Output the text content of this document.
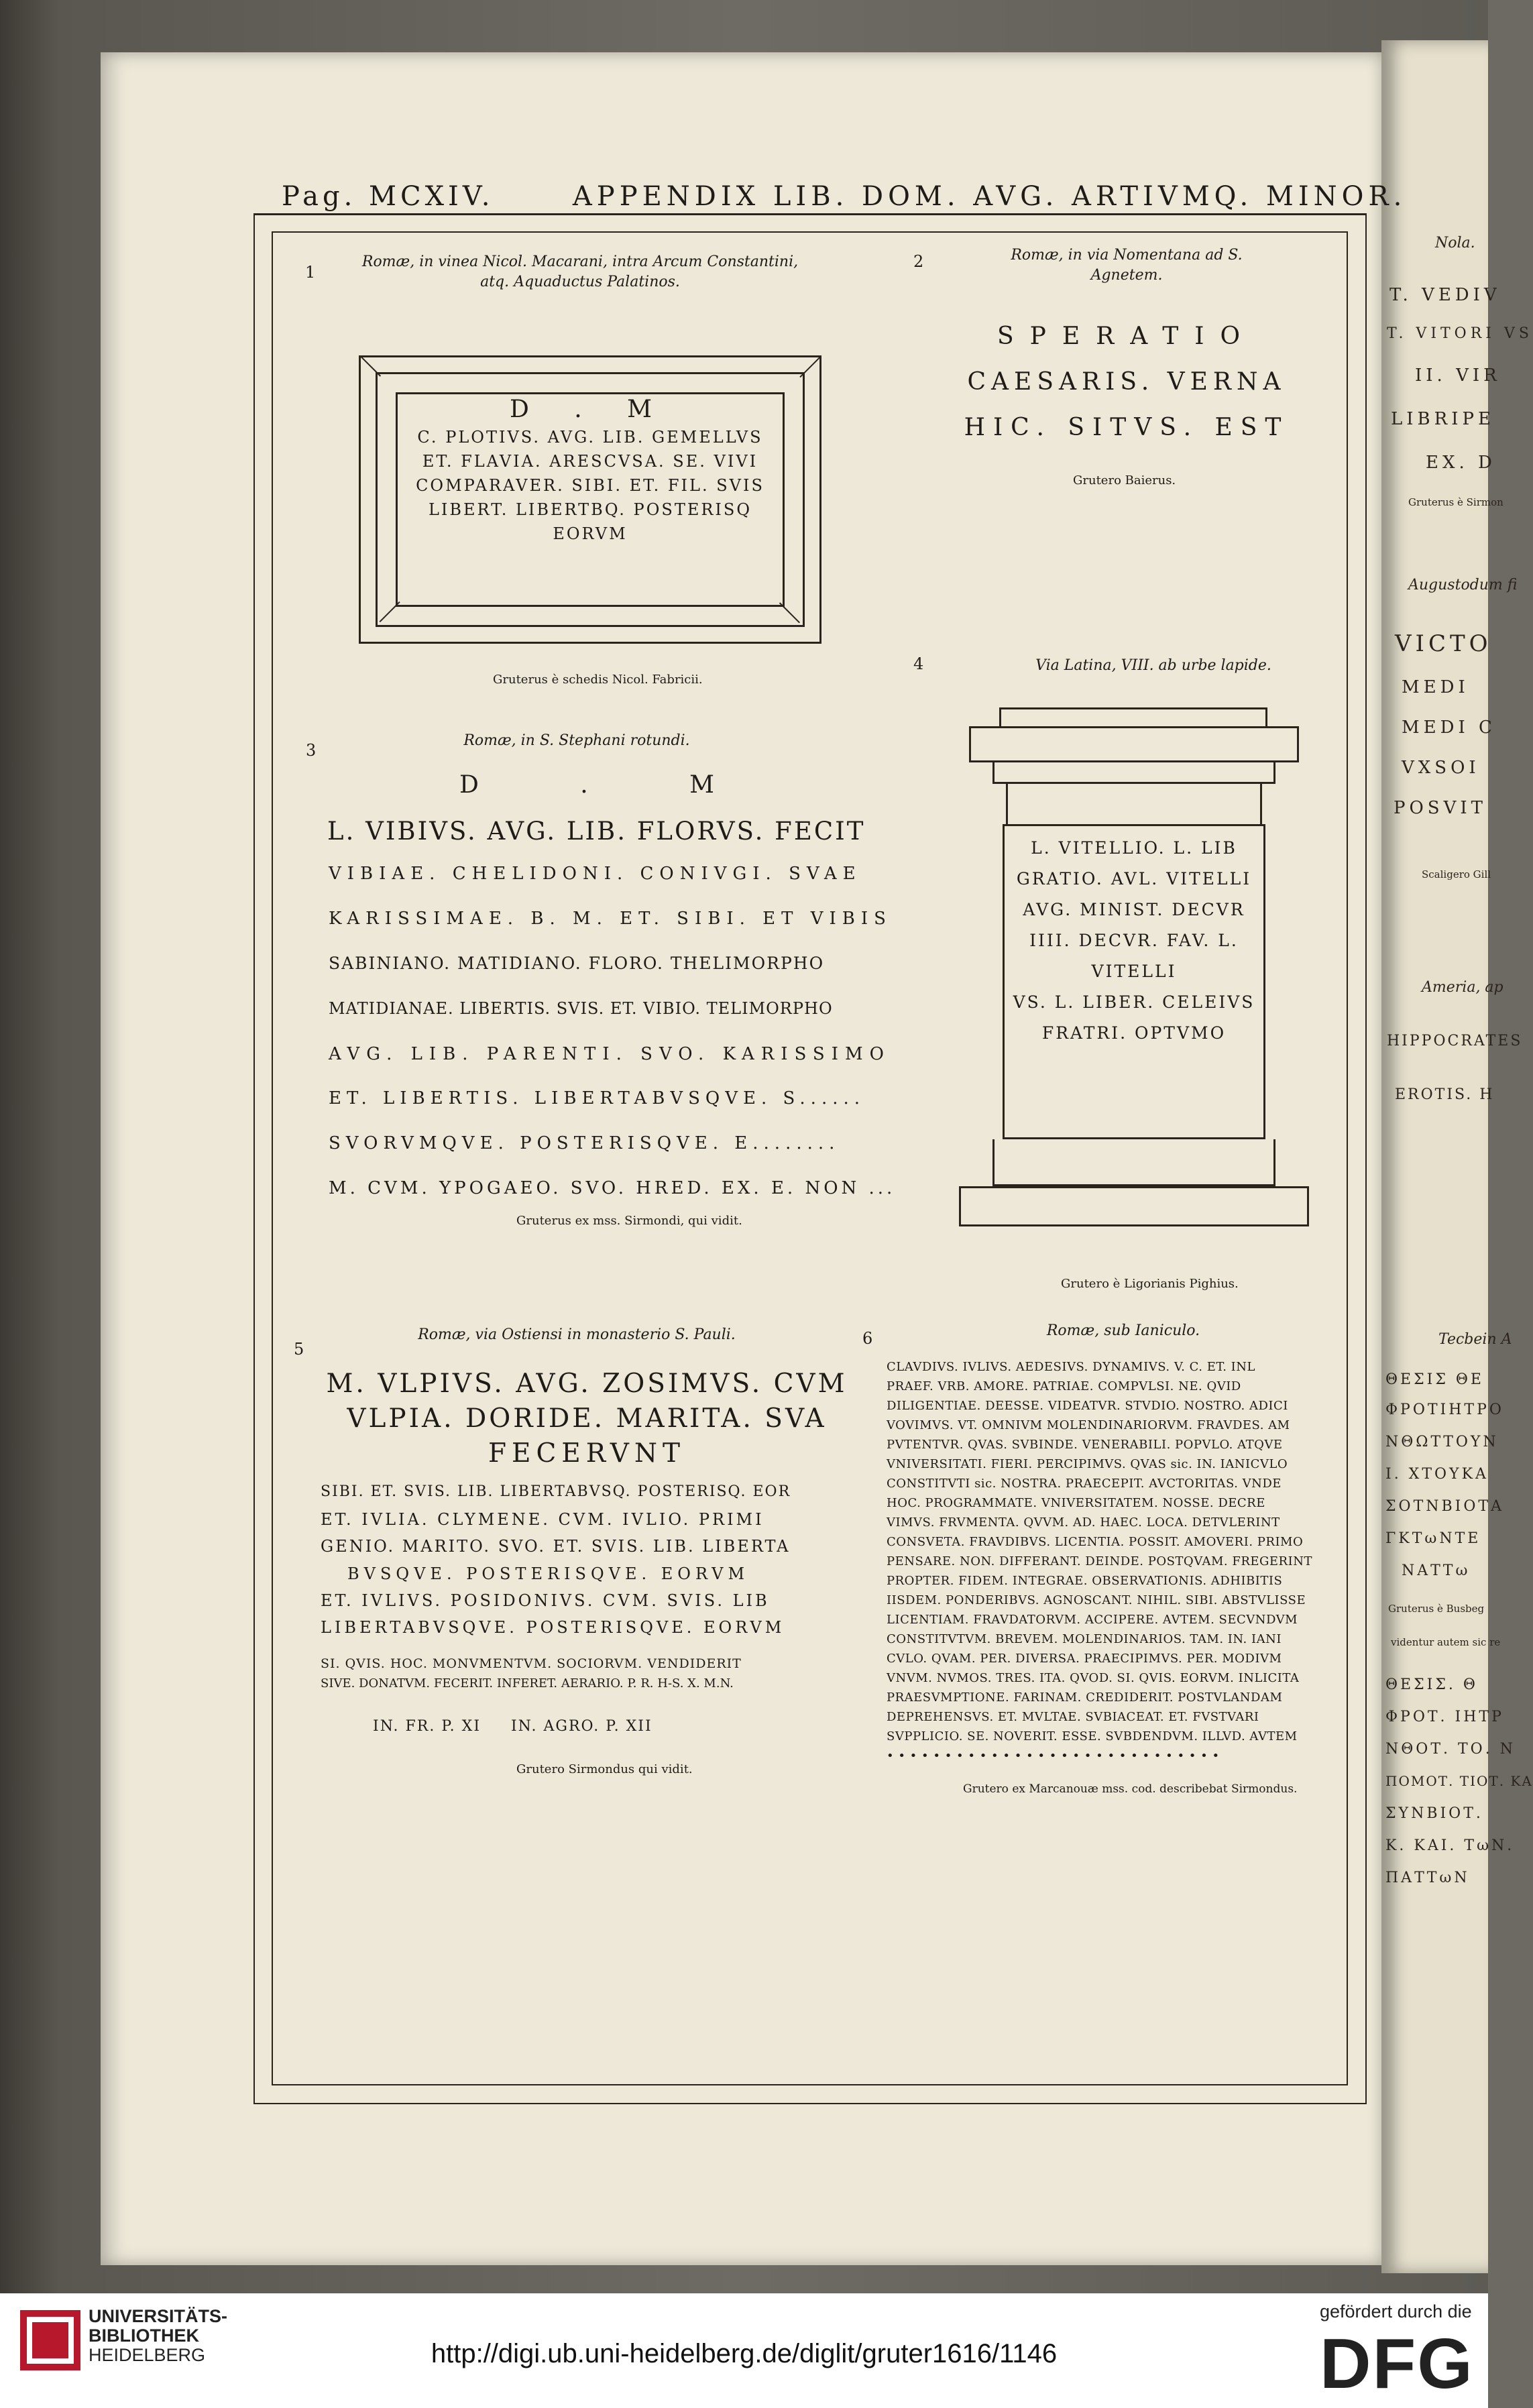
Nola.
T. VEDIV
T. VITORI VS
II. VIR
LIBRIPE
EX. D
Gruterus è Sirmon
Augustodum fi
VICTO
MEDI
MEDI C
VXSOI
POSVIT
Scaligero Gill
Ameria, ap
HIPPOCRATES
EROTIS. H
Tecbein A
ΘΕΣΙΣ ΘΕ
ΦΡΟΤΙΗΤΡΟ
ΝΘΩΤΤΟΥΝ
Ι. ΧΤΟΥΚΑ
ΣΟΤΝΒΙΟΤΑ
ΓΚΤωΝΤΕ
ΝΑΤΤω
Gruterus è Busbeg
videntur autem sic re
ΘΕΣΙΣ. Θ
ΦΡΟΤ. ΙΗΤΡ
ΝΘΟΤ. ΤΟ. Ν
ΠΟΜΟΤ. ΤΙΟΤ. ΚΑ
ΣΥΝΒΙΟΤ.
Κ. ΚΑΙ. ΤωΝ.
ΠΑΤΤωΝ
Pag. MCXIV.	APPENDIX LIB. DOM. AVG. ARTIVMQ. MINOR.
1
Romæ, in vinea Nicol. Macarani, intra Arcum Constantini,
atq. Aquaductus Palatinos.
D . M
C. PLOTIVS. AVG. LIB. GEMELLVS
ET. FLAVIA. ARESCVSA. SE. VIVI
COMPARAVER. SIBI. ET. FIL. SVIS
LIBERT. LIBERTBQ. POSTERISQ
EORVM
Gruterus è schedis Nicol. Fabricii.
2	Romæ, in via Nomentana ad S.
Agnetem.
SPERATIO
CAESARIS. VERNA
HIC. SITVS. EST
Grutero Baierus.
3
Romæ, in S. Stephani rotundi.
D . M
L. VIBIVS. AVG. LIB. FLORVS. FECIT
VIBIAE. CHELIDONI. CONIVGI. SVAE
KARISSIMAE. B. M. ET. SIBI. ET VIBIS
SABINIANO. MATIDIANO. FLORO. THELIMORPHO
MATIDIANAE. LIBERTIS. SVIS. ET. VIBIO. TELIMORPHO
AVG. LIB. PARENTI. SVO. KARISSIMO
ET. LIBERTIS. LIBERTABVSQVE. S......
SVORVMQVE. POSTERISQVE. E........
M. CVM. YPOGAEO. SVO. HRED. EX. E. NON ...
Gruterus ex mss. Sirmondi, qui vidit.
4	Via Latina, VIII. ab urbe lapide.
L. VITELLIO. L. LIB
GRATIO. AVL. VITELLI
AVG. MINIST. DECVR
IIII. DECVR. FAV. L. VITELLI
VS. L. LIBER. CELEIVS
FRATRI. OPTVMO
Grutero è Ligorianis Pighius.
5
Romæ, via Ostiensi in monasterio S. Pauli.
M. VLPIVS. AVG. ZOSIMVS. CVM
VLPIA. DORIDE. MARITA. SVA
FECERVNT
SIBI. ET. SVIS. LIB. LIBERTABVSQ. POSTERISQ. EOR
ET. IVLIA. CLYMENE. CVM. IVLIO. PRIMI
GENIO. MARITO. SVO. ET. SVIS. LIB. LIBERTA
BVSQVE. POSTERISQVE. EORVM
ET. IVLIVS. POSIDONIVS. CVM. SVIS. LIB
LIBERTABVSQVE. POSTERISQVE. EORVM
SI. QVIS. HOC. MONVMENTVM. SOCIORVM. VENDIDERIT
SIVE. DONATVM. FECERIT. INFERET. AERARIO. P. R. H-S. X. M.N.
IN. FR. P. XI     IN. AGRO. P. XII
Grutero Sirmondus qui vidit.
6	Romæ, sub Ianiculo.
CLAVDIVS. IVLIVS. AEDESIVS. DYNAMIVS. V. C. ET. INL
PRAEF. VRB. AMORE. PATRIAE. COMPVLSI. NE. QVID
DILIGENTIAE. DEESSE. VIDEATVR. STVDIO. NOSTRO. ADICI
VOVIMVS. VT. OMNIVM MOLENDINARIORVM. FRAVDES. AM
PVTENTVR. QVAS. SVBINDE. VENERABILI. POPVLO. ATQVE
VNIVERSITATI. FIERI. PERCIPIMVS. QVAS sic. IN. IANICVLO
CONSTITVTI sic. NOSTRA. PRAECEPIT. AVCTORITAS. VNDE
HOC. PROGRAMMATE. VNIVERSITATEM. NOSSE. DECRE
VIMVS. FRVMENTA. QVVM. AD. HAEC. LOCA. DETVLERINT
CONSVETA. FRAVDIBVS. LICENTIA. POSSIT. AMOVERI. PRIMO
PENSARE. NON. DIFFERANT. DEINDE. POSTQVAM. FREGERINT
PROPTER. FIDEM. INTEGRAE. OBSERVATIONIS. ADHIBITIS
IISDEM. PONDERIBVS. AGNOSCANT. NIHIL. SIBI. ABSTVLISSE
LICENTIAM. FRAVDATORVM. ACCIPERE. AVTEM. SECVNDVM
CONSTITVTVM. BREVEM. MOLENDINARIOS. TAM. IN. IANI
CVLO. QVAM. PER. DIVERSA. PRAECIPIMVS. PER. MODIVM
VNVM. NVMOS. TRES. ITA. QVOD. SI. QVIS. EORVM. INLICITA
PRAESVMPTIONE. FARINAM. CREDIDERIT. POSTVLANDAM
DEPREHENSVS. ET. MVLTAE. SVBIACEAT. ET. FVSTVARI
SVPPLICIO. SE. NOVERIT. ESSE. SVBDENDVM. ILLVD. AVTEM
• • • • • • • • • • • • • • • • • • • • • • • • • • • • •
Grutero ex Marcanouæ mss. cod. describebat Sirmondus.
UNIVERSITÄTS-
BIBLIOTHEK
HEIDELBERG	http://digi.ub.uni-heidelberg.de/diglit/gruter1616/1146
gefördert durch die
DFG
